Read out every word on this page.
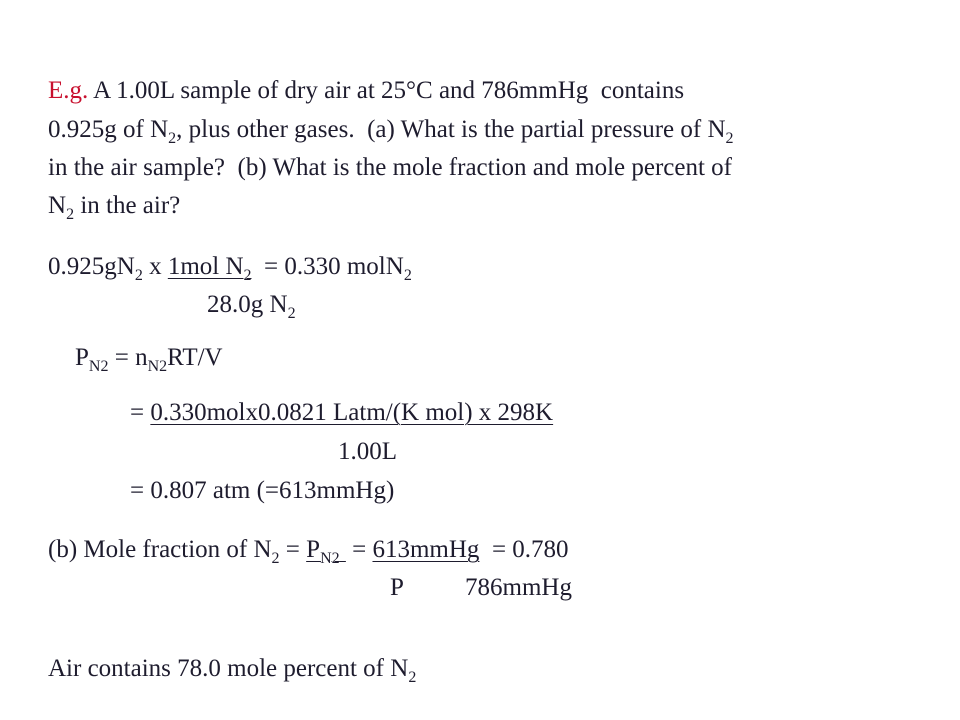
E.g. A 1.00L sample of dry air at 25°C and 786mmHg  contains
0.925g of $N_2$, plus other gases.  (a) What is the partial pressure of $N_2$
in the air sample?  (b) What is the mole fraction and mole percent of
$N_2$ in the air?
$0.925gN_2$ x 1mol $N_2 = 0.330$ molN$_2$
28.0g $N_2$
$P_{N2} = n_{N2}RT/V$
= 0.330molx0.0821 Latm/(K mol) x 298K
1.00L
= 0.807 atm (=613mmHg)
(b) Mole fraction of $N_2 = P_{N2}$  = 613mmHg  = 0.780
P 786mmHg
Air contains 78.0 mole percent of $N_2$
